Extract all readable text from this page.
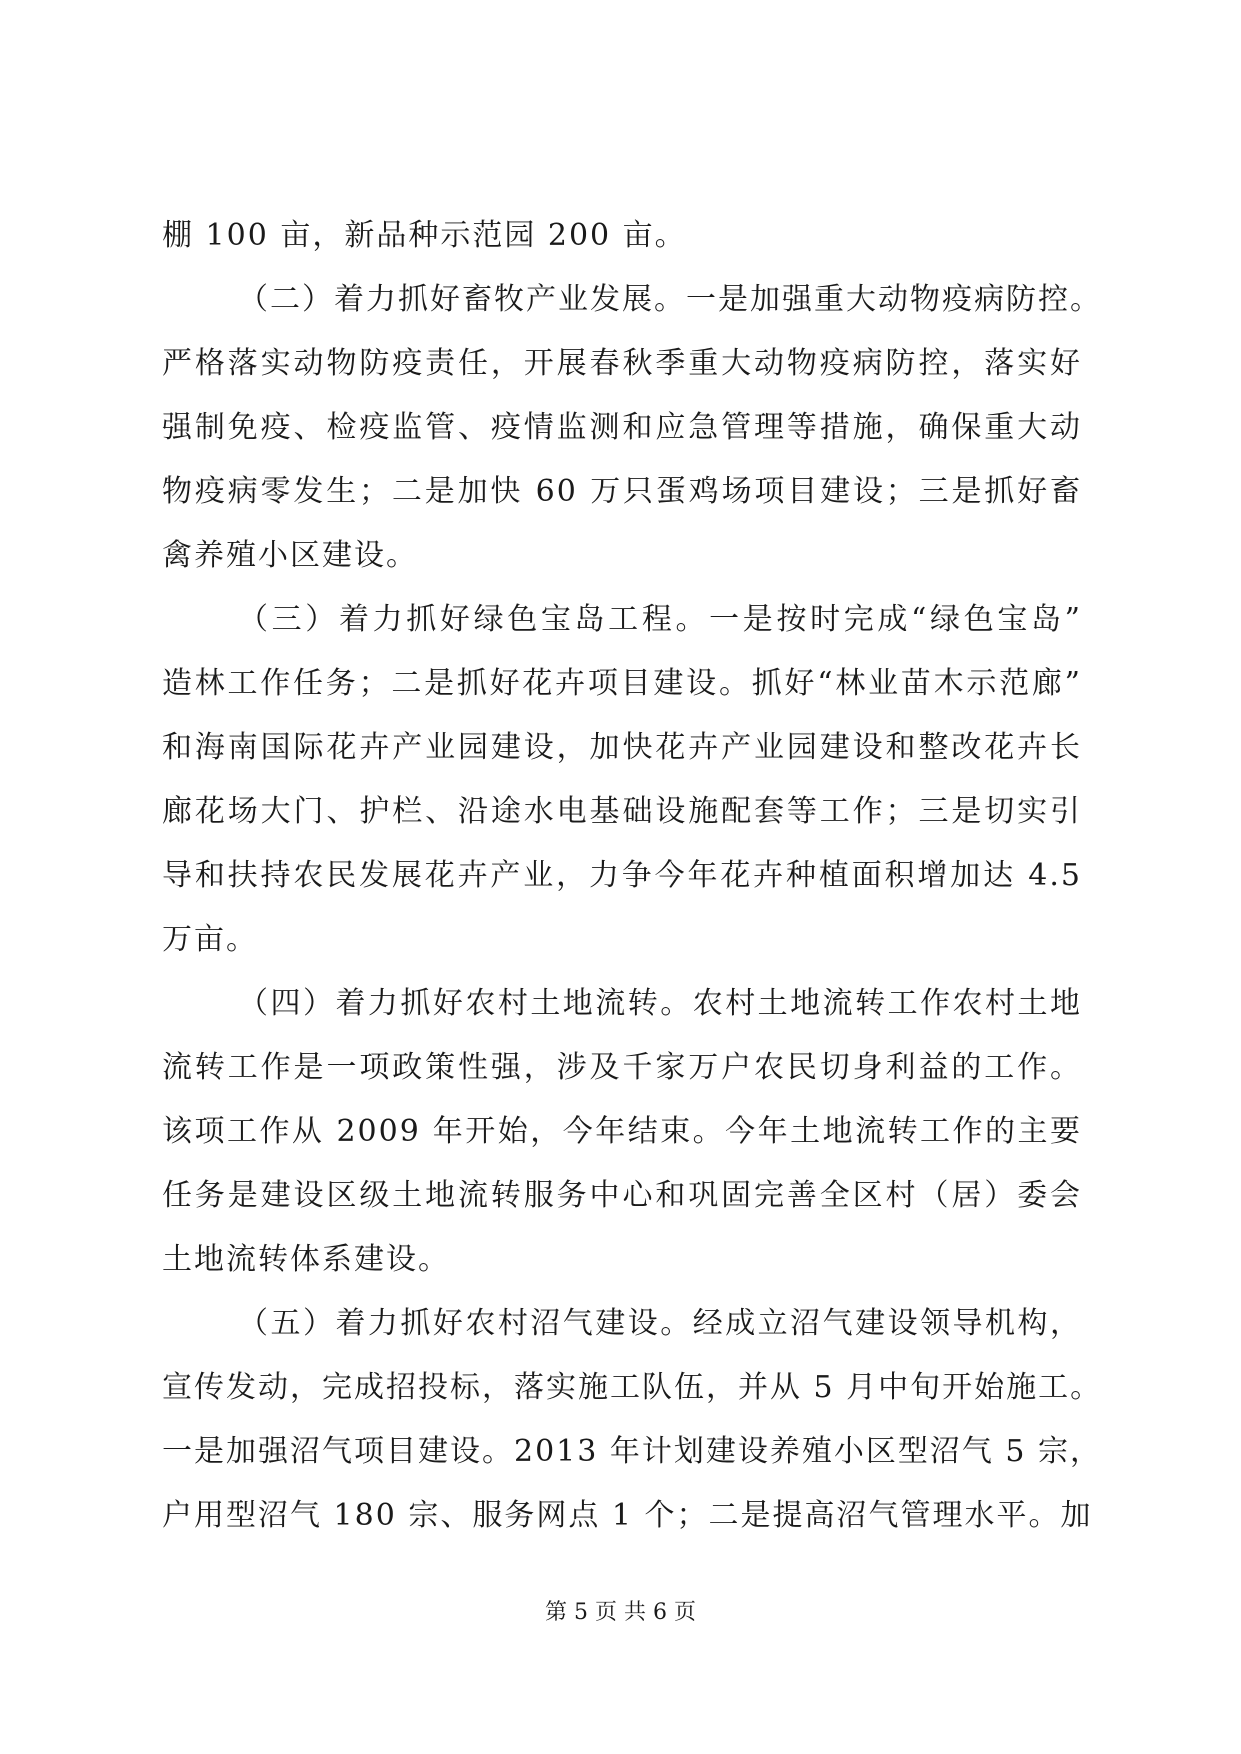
棚 100 亩，新品种示范园 200 亩。
（二）着力抓好畜牧产业发展。一是加强重大动物疫病防控。
严格落实动物防疫责任，开展春秋季重大动物疫病防控，落实好
强制免疫、检疫监管、疫情监测和应急管理等措施，确保重大动
物疫病零发生；二是加快 60 万只蛋鸡场项目建设；三是抓好畜
禽养殖小区建设。
（三）着力抓好绿色宝岛工程。一是按时完成“绿色宝岛”
造林工作任务；二是抓好花卉项目建设。抓好“林业苗木示范廊”
和海南国际花卉产业园建设，加快花卉产业园建设和整改花卉长
廊花场大门、护栏、沿途水电基础设施配套等工作；三是切实引
导和扶持农民发展花卉产业，力争今年花卉种植面积增加达 4.5
万亩。
（四）着力抓好农村土地流转。农村土地流转工作农村土地
流转工作是一项政策性强，涉及千家万户农民切身利益的工作。
该项工作从 2009 年开始，今年结束。今年土地流转工作的主要
任务是建设区级土地流转服务中心和巩固完善全区村（居）委会
土地流转体系建设。
（五）着力抓好农村沼气建设。经成立沼气建设领导机构，
宣传发动，完成招投标，落实施工队伍，并从 5 月中旬开始施工。
一是加强沼气项目建设。2013 年计划建设养殖小区型沼气 5 宗，
户用型沼气 180 宗、服务网点 1 个；二是提高沼气管理水平。加
第 5 页 共 6 页
